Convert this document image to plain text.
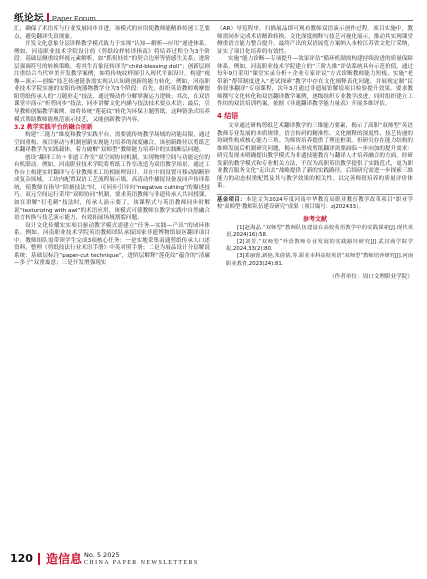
纸论坛 Paper Forum

汇，确保了术语库与行业发展同步并进。该模式的应用使教师能精准传递工艺要点，避免翻译失真现象。

开发文化意象分层诊释教学模式致力于实现“认知—解析—应用”递进体系。例如，河南职业技术学院设计的《剪纸纹样转译指南》将培养过程分为3个阶段：基础层侧重纹样视元素解析，如“抓髻娃娃”的契合边形等情感生关系；进阶层强调符号的转换策略，将其生育象征转译为“child-blessing doll”；创新层则注重结合当代审美开发教学案例，如将传统纹样图引入现代平面设计。构建“视像—演示—创编”技艺传递链条需实现认认知到创新的能力转化。例如，河南职业技术学院实施的安阳传统器物教学分为3个阶段：首先，组织英语教师观摩德阳剪纸传承人的“刀随形走”技法，通过慢动作分解掌握运力逻辑；其次，在双语课堂中演示“折剪同步”技法，同步讲解文化内涵与技法技术要点术语；最后，引导教师创编教学案例，如将传统“莲花纹”转化为环保主题剪纸。这种链条式培养模式帮助教师能规范演示技艺，又能创新教学内容。

3.2 教学实践平台的融合创新

构建“三能力”维度和教学实践平台，需要就传统教学场域的功能局限，通过空间重构、项目驱动与机制创新实现能力培养的深度融合。该创新路径以剪纸艺术翻译教学为实践载体，着力破解“双师型”教师能力培养中的实践断层问题。

创设“翻译工坊＋非遗工作室”双空间协同机制，实现物理空间与功能定位的有机联动。例如，河南职业技术学院将剪纸工作室改造为双语教学场景，通过工作台上构建实时翻译与专业教师术工坊相嵌理设计，并在中间设置可移动隔断形成复杂场域。工坊内配置双语工艺流程展示墙，高清动作捕捉设备及同声传译系统，使教师在指导“阴刻技法”时，可同步引导向“negative cutting”的描述技巧。双元空间运行采用“双师协同”机制，要求英语教师与非遗传承人共同授课，如在讲解“打毛刺”技法时，传承人演示要了。该课程式与英语教师同步时解说“texturizing with awl”的术语应用，该模式可使教师在教学实践中自然融合语言转换与技艺演示能力，有效拓展场域割裂问题。

设计文化传播实实项目驱动教学模式需建立“任务—实践—产出”的闭环体系。例如，河南职业技术学院英语教师团队承接国家非遗博物馆展区翻译项目中，教师组队需带领学生完成3项核心任务：一是实地采集南通剪纸传承人口述资料，整理《剪纸技法行业术语手册》中英对照手册；二是为展品设计分层解说系统：基础层标注“paper-cut technique”，进阶层解释“莲花纹”蕴含的“清廉—多子”双重寓意；三是开发增强现实

（AR）导览程序，扫描展品即可观看教师双语演示创作过程。项目实施中，教师需同步完成术语精准转换、文化深度阐释与技艺可视化展示，推动其实现课堂侧重语言能力整合提升。最终产出的双语展览方案纳入本校江苏省文化厅采纳，证实了项目化培养的有效性。

实施“能力诊断—专项提升—效果评估”循环机制需构建持续改进的质量保障体系。例如，河南职业技术学院建立的“三阶九维”评估系统具有示范价值，通过每年9月采用“课堂实录分析＋企业专家评议”方式诊断教师能力短板，实施“老带新”帮带制度进入“老试探索”教学中存在文化阐释表化问题，并展现定制“民俗叙事翻译”专项课程，次年3月通过非遗展馆解说项目检验提升效果。要求教师撰写文化转化和双语翻译教学案例，逐级组织专业教学改进，同时组织建立工作坊的双语培训档案，依据《非遗翻译教学能力量表》开展多维评估。

4 结语

文章通过研构剪纸艺术翻译教学的三维能力要素，揭示了高职“双师型”英语教师专业发展的本质规律。语言转码的精准性、文化阐释的深度性、技艺传递的协调性构成核心能力三角。为师资培养提供了理论框架。但研究存在能力结构的维修发展后机制研究问题，揭示未形成剪纸翻译需要面临一步向加的提升需求：研究发现未明确提出教学模式为非遗技能教育与翻译人才培养融合的方面。经研发新的教学模式和专业相关方法，不仅为高职英语教学提供了实践范式，更为职业教育服务文化“走出去”战略提供了新的实践路径。后续研究需进一步探索三维能力的动态权重配置及其与教学效果的相关性，以完善师资培养的质量评价体系。

基金项目：本论文为2024年度河南中华教育局职业教育教学改革项目“职业学校‘双师型’教师队伍建设研究”成果（项目编号：zj202433）。
参考文献

[1]赵海晶.“双师型”教师队伍建设在高校英语教学中的实践探索[J].现代英语,2024(16):58.

[2]刘芳.“双师型”外语教师专业发展的实践路径研究[J].武汉商学院学报,2024,33(2):80.

[3]邓丽蓉,新艳,朱倩倩,等.职业本科高校英语“双师型”教师培养研究[J].河南职业教育,2023(24):81.

（作者单位：周口文理职业学院）
120 造信息 No. 5 2025
CHINA PAPER NEWSLETTERS
